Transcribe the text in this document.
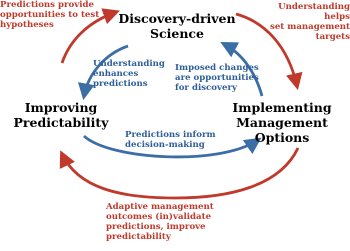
Discovery-driven
Science

Improving
Predictability

Implementing
Management Options

Predictions provide
opportunities to test
hypotheses

Understanding helps
set management
targets

Adaptive management
outcomes (in)validate
predictions, improve
predictability

Understanding
enhances
predictions

Imposed changes
are opportunities
for discovery

Predictions inform
decision-making
